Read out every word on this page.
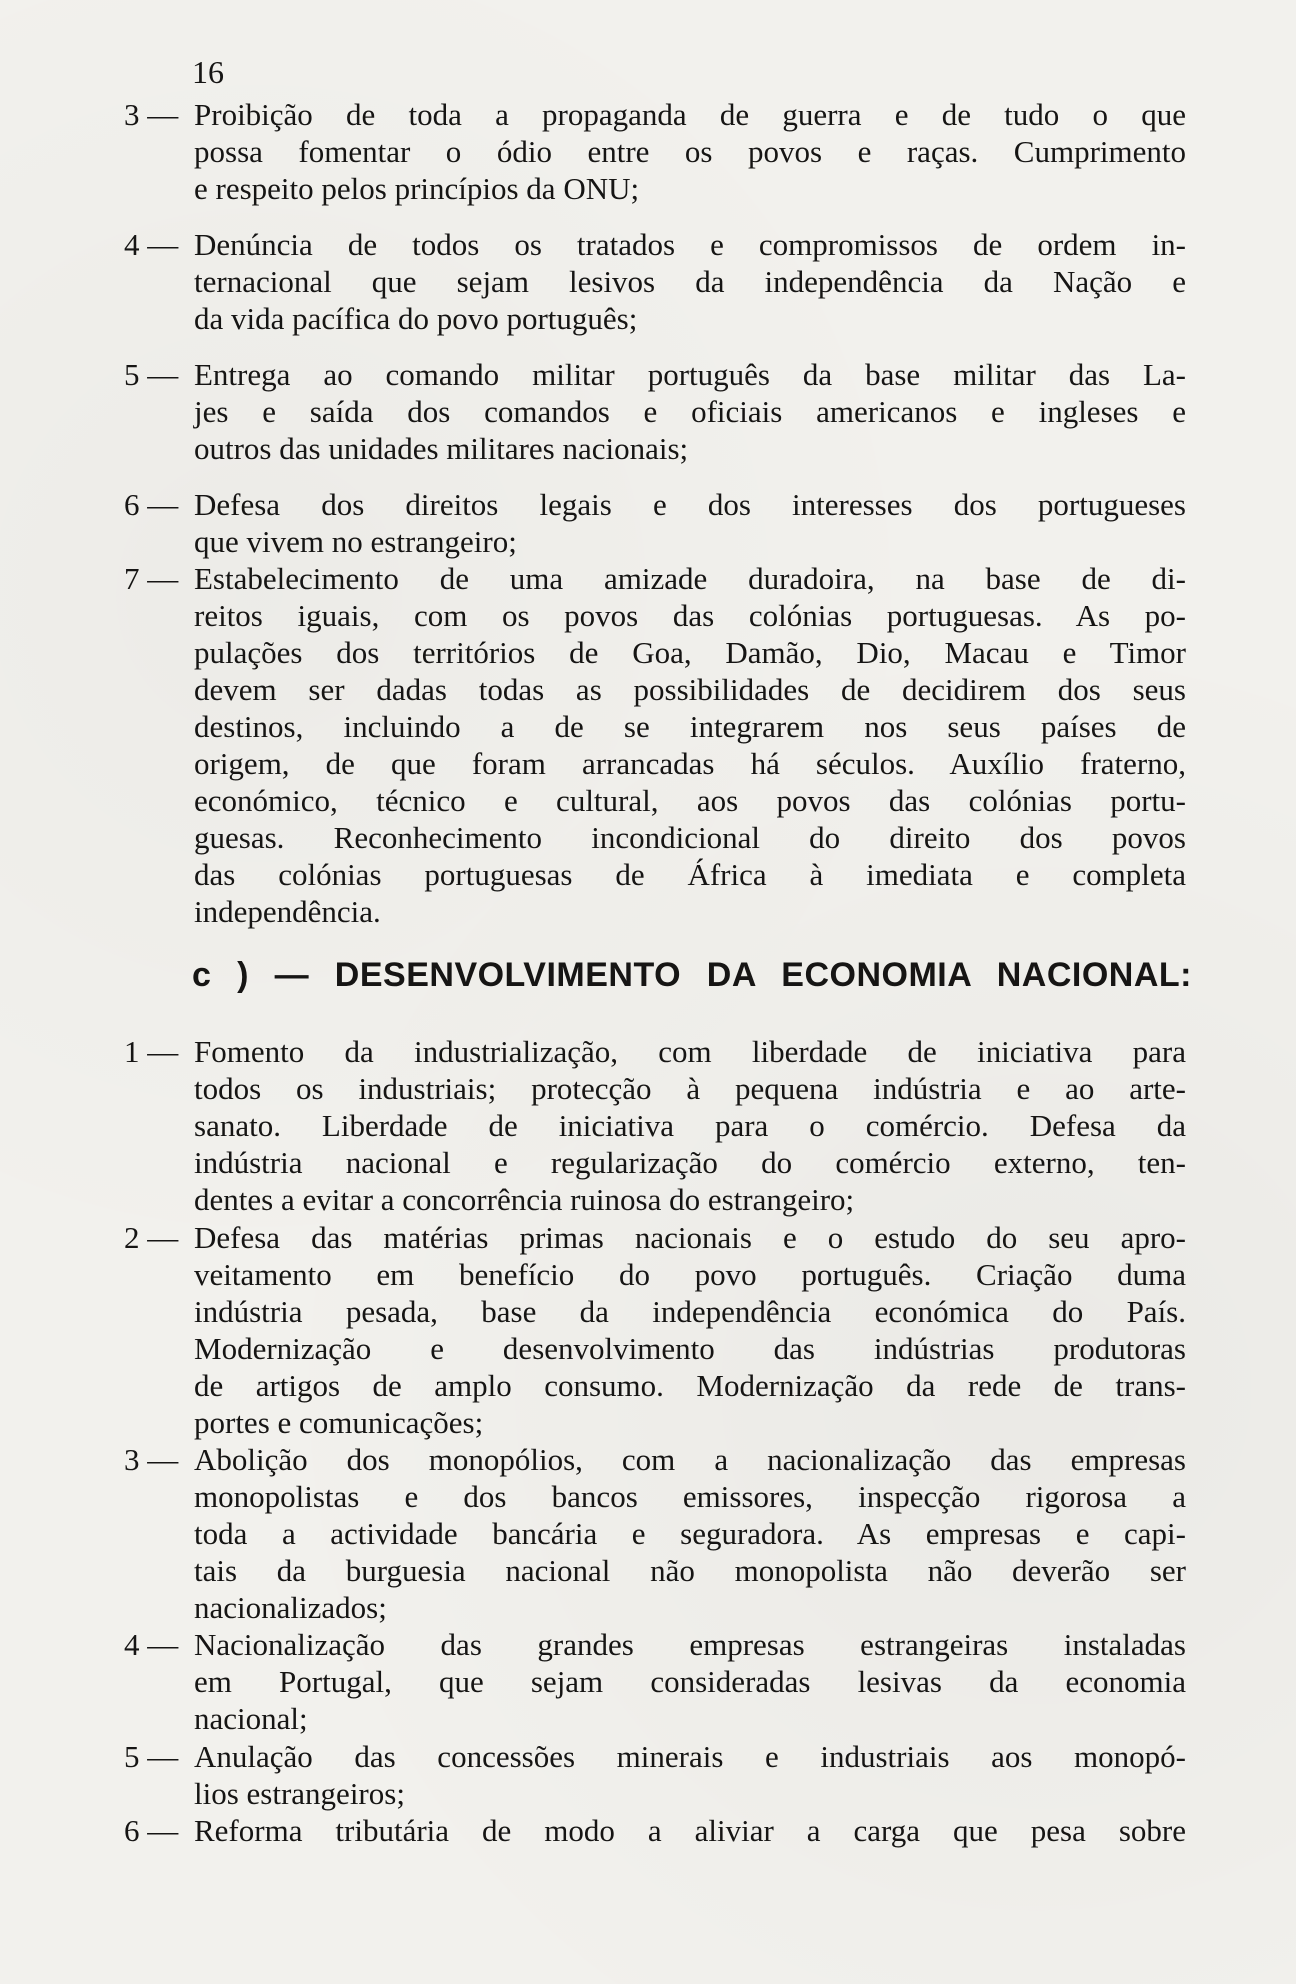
16
3 — Proibição de toda a propaganda de guerra e de tudo o que
possa fomentar o ódio entre os povos e raças. Cumprimento
e respeito pelos princípios da ONU;
4 — Denúncia de todos os tratados e compromissos de ordem in-
ternacional que sejam lesivos da independência da Nação e
da vida pacífica do povo português;
5 — Entrega ao comando militar português da base militar das La-
jes e saída dos comandos e oficiais americanos e ingleses e
outros das unidades militares nacionais;
6 — Defesa dos direitos legais e dos interesses dos portugueses
que vivem no estrangeiro;
7 — Estabelecimento de uma amizade duradoira, na base de di-
reitos iguais, com os povos das colónias portuguesas. As po-
pulações dos territórios de Goa, Damão, Dio, Macau e Timor
devem ser dadas todas as possibilidades de decidirem dos seus
destinos, incluindo a de se integrarem nos seus países de
origem, de que foram arrancadas há séculos. Auxílio fraterno,
económico, técnico e cultural, aos povos das colónias portu-
guesas. Reconhecimento incondicional do direito dos povos
das colónias portuguesas de África à imediata e completa
independência.
c ) — DESENVOLVIMENTO DA ECONOMIA NACIONAL:
1 — Fomento da industrialização, com liberdade de iniciativa para
todos os industriais; protecção à pequena indústria e ao arte-
sanato. Liberdade de iniciativa para o comércio. Defesa da
indústria nacional e regularização do comércio externo, ten-
dentes a evitar a concorrência ruinosa do estrangeiro;
2 — Defesa das matérias primas nacionais e o estudo do seu apro-
veitamento em benefício do povo português. Criação duma
indústria pesada, base da independência económica do País.
Modernização e desenvolvimento das indústrias produtoras
de artigos de amplo consumo. Modernização da rede de trans-
portes e comunicações;
3 — Abolição dos monopólios, com a nacionalização das empresas
monopolistas e dos bancos emissores, inspecção rigorosa a
toda a actividade bancária e seguradora. As empresas e capi-
tais da burguesia nacional não monopolista não deverão ser
nacionalizados;
4 — Nacionalização das grandes empresas estrangeiras instaladas
em Portugal, que sejam consideradas lesivas da economia
nacional;
5 — Anulação das concessões minerais e industriais aos monopó-
lios estrangeiros;
6 — Reforma tributária de modo a aliviar a carga que pesa sobre
